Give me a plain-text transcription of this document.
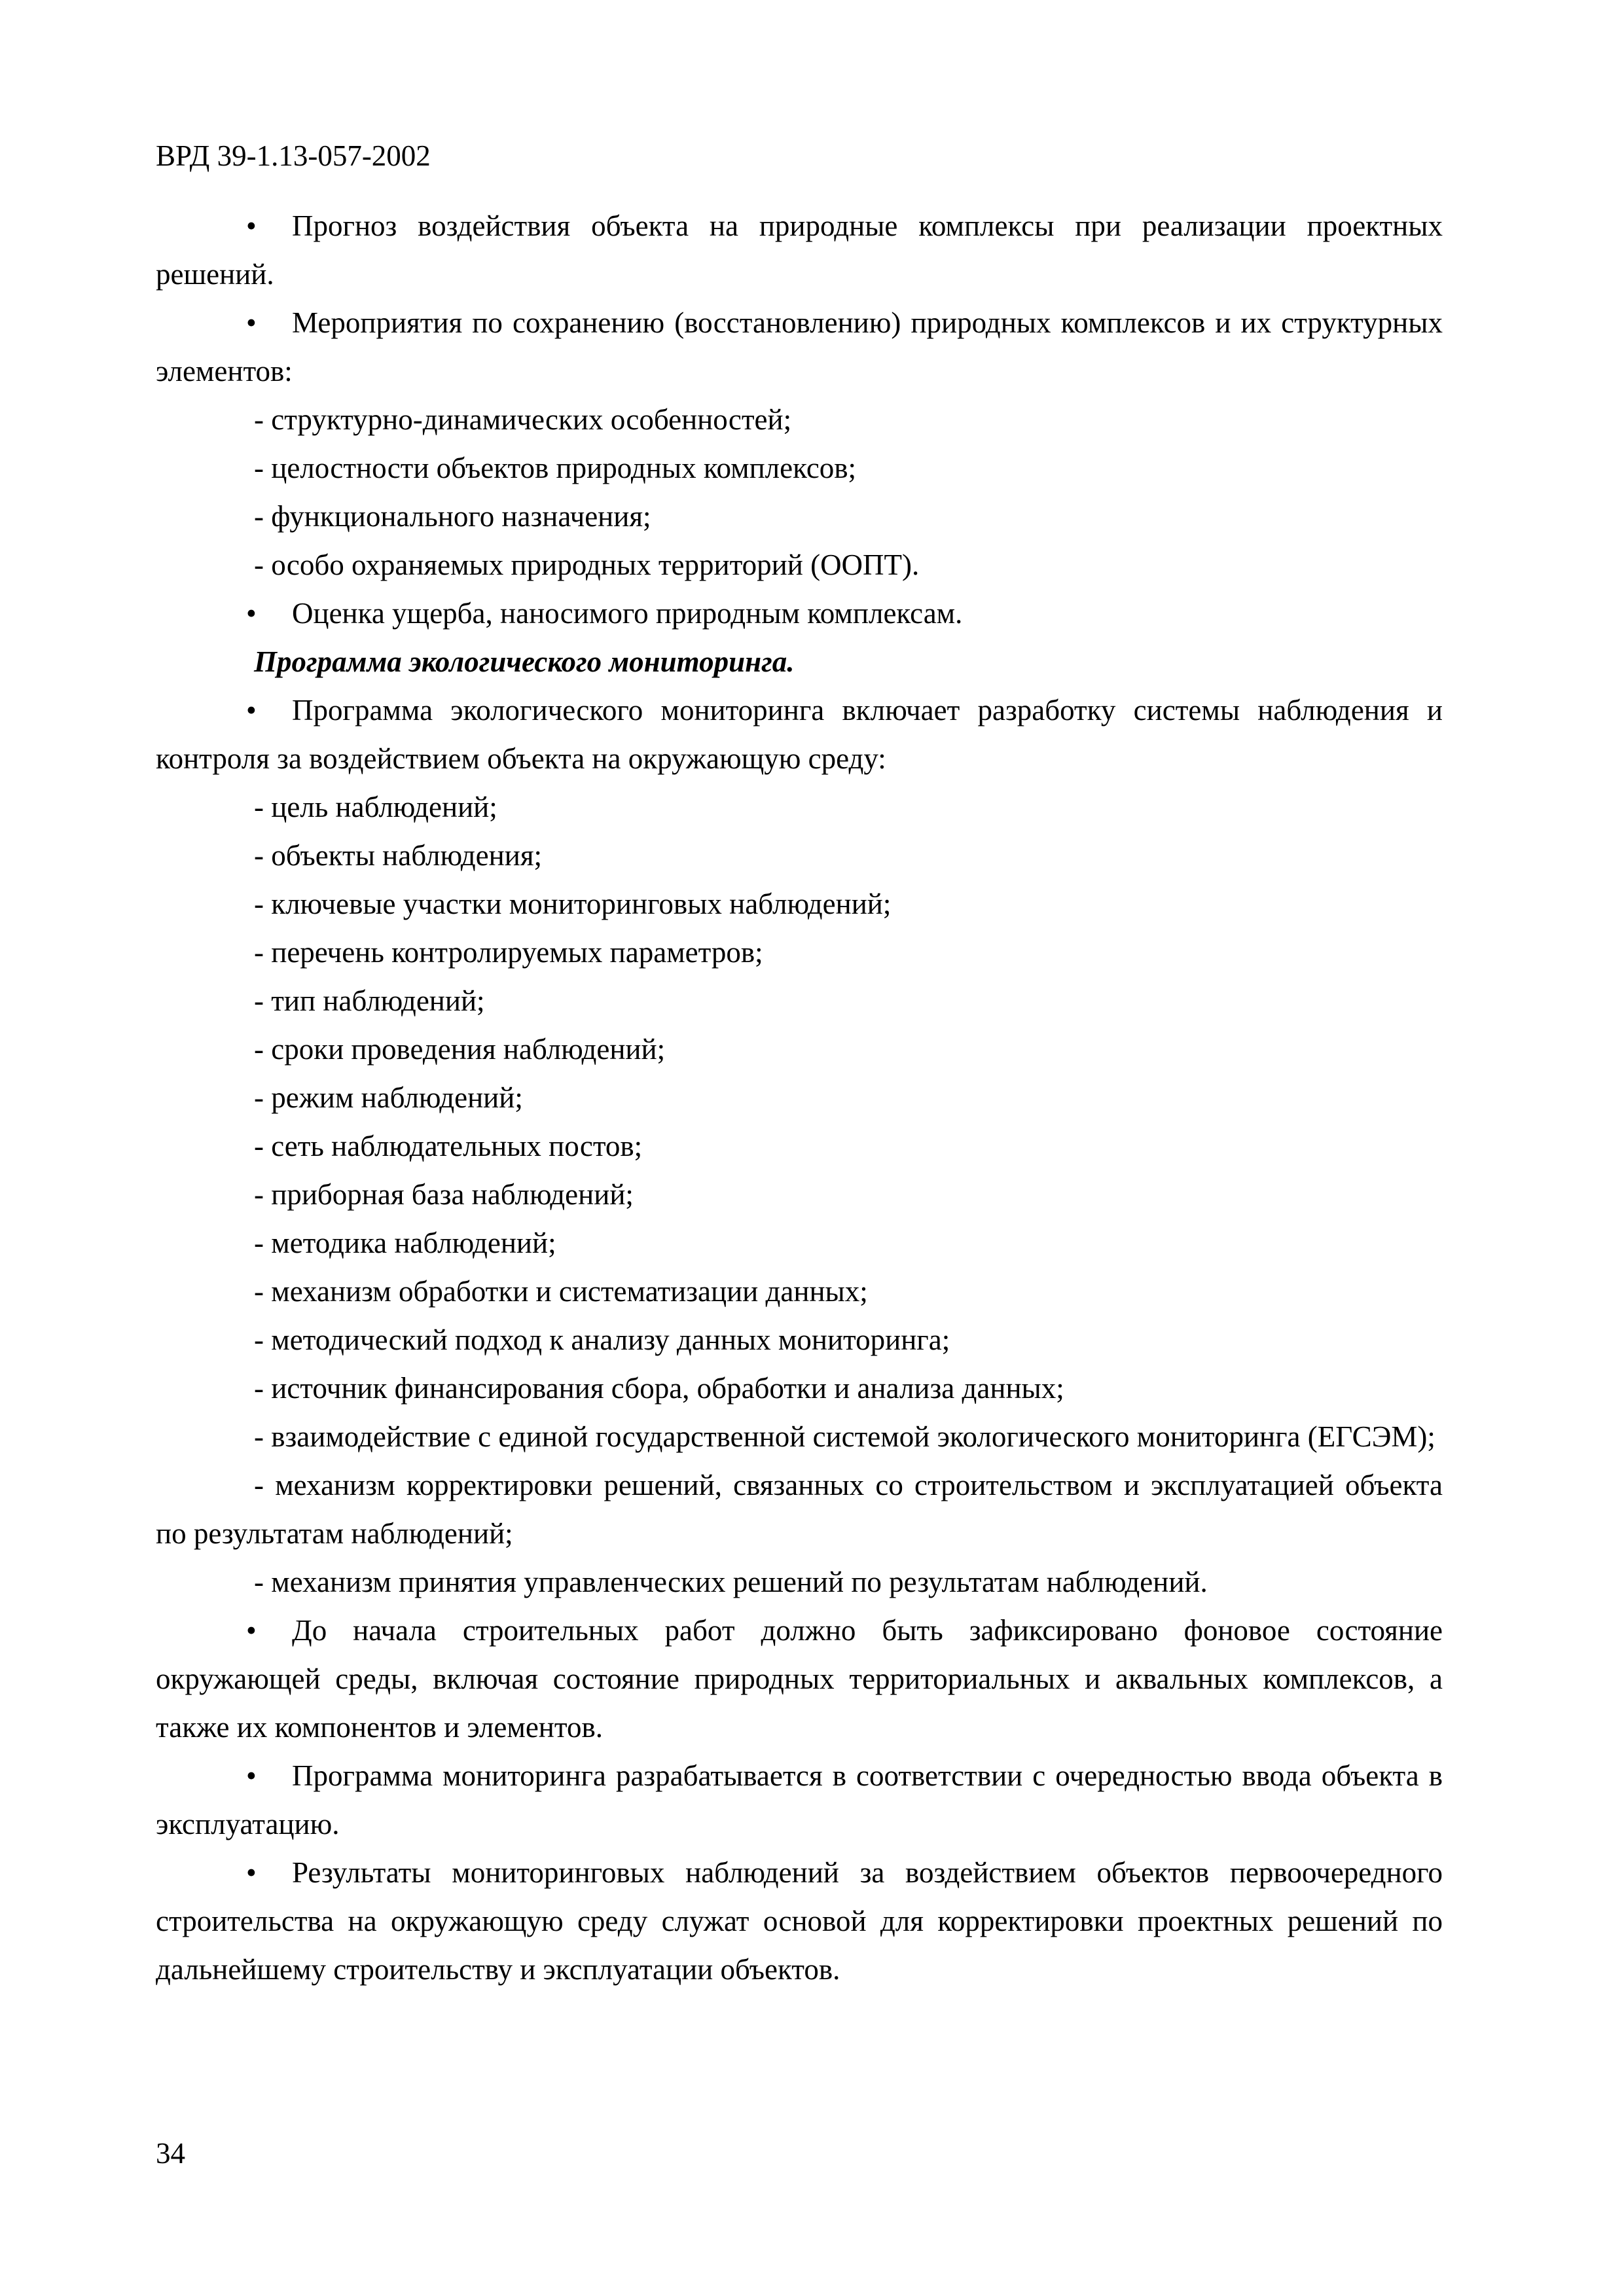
ВРД 39-1.13-057-2002

• Прогноз воздействия объекта на природные комплексы при реализации проектных решений.

• Мероприятия по сохранению (восстановлению) природных комплексов и их структурных элементов:

- структурно-динамических особенностей;

- целостности объектов природных комплексов;

- функционального назначения;

- особо охраняемых природных территорий (ООПТ).

• Оценка ущерба, наносимого природным комплексам.

Программа экологического мониторинга.

• Программа экологического мониторинга включает разработку системы наблюдения и контроля за воздействием объекта на окружающую среду:

- цель наблюдений;

- объекты наблюдения;

- ключевые участки мониторинговых наблюдений;

- перечень контролируемых параметров;

- тип наблюдений;

- сроки проведения наблюдений;

- режим наблюдений;

- сеть наблюдательных постов;

- приборная база наблюдений;

- методика наблюдений;

- механизм обработки и систематизации данных;

- методический подход к анализу данных мониторинга;

- источник финансирования сбора, обработки и анализа данных;

- взаимодействие с единой государственной системой экологического мониторинга (ЕГСЭМ);

- механизм корректировки решений, связанных со строительством и эксплуатацией объекта по результатам наблюдений;

- механизм принятия управленческих решений по результатам наблюдений.

• До начала строительных работ должно быть зафиксировано фоновое состояние окружающей среды, включая состояние природных территориальных и аквальных комплексов, а также их компонентов и элементов.

• Программа мониторинга разрабатывается в соответствии с очередностью ввода объекта в эксплуатацию.

• Результаты мониторинговых наблюдений за воздействием объектов первоочередного строительства на окружающую среду служат основой для корректировки проектных решений по дальнейшему строительству и эксплуатации объектов.

34
